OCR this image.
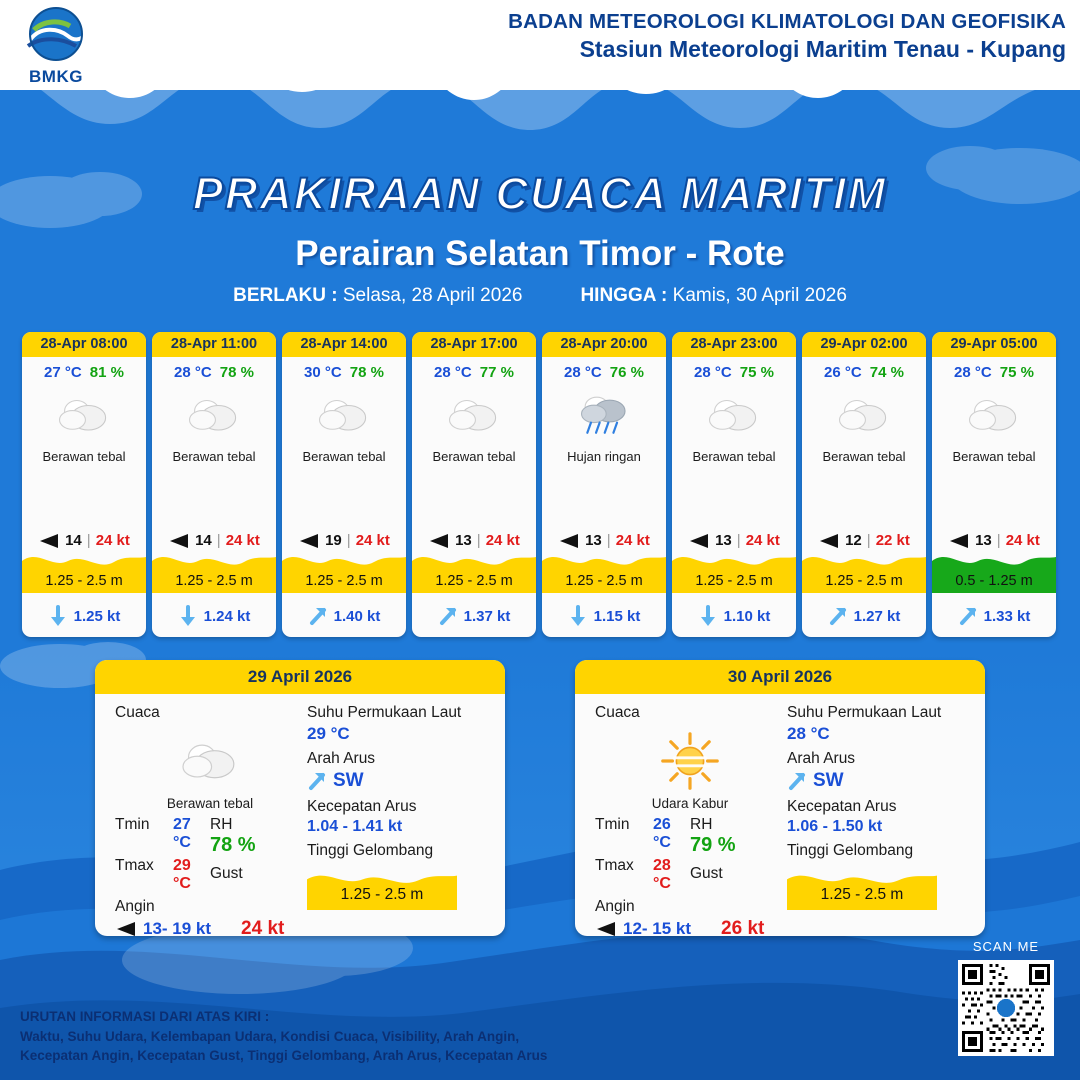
BMKG
BADAN METEOROLOGI KLIMATOLOGI DAN GEOFISIKA
Stasiun Meteorologi Maritim Tenau - Kupang
PRAKIRAAN CUACA MARITIM
Perairan Selatan Timor - Rote
BERLAKU : Selasa, 28 April 2026	HINGGA : Kamis, 30 April 2026
28-Apr 08:00
27 °C 81 %
Berawan tebal
14 | 24 kt
1.25 - 2.5 m
1.25 kt
28-Apr 11:00
28 °C 78 %
Berawan tebal
14 | 24 kt
1.25 - 2.5 m
1.24 kt
28-Apr 14:00
30 °C 78 %
Berawan tebal
19 | 24 kt
1.25 - 2.5 m
1.40 kt
28-Apr 17:00
28 °C 77 %
Berawan tebal
13 | 24 kt
1.25 - 2.5 m
1.37 kt
28-Apr 20:00
28 °C 76 %
Hujan ringan
13 | 24 kt
1.25 - 2.5 m
1.15 kt
28-Apr 23:00
28 °C 75 %
Berawan tebal
13 | 24 kt
1.25 - 2.5 m
1.10 kt
29-Apr 02:00
26 °C 74 %
Berawan tebal
12 | 22 kt
1.25 - 2.5 m
1.27 kt
29-Apr 05:00
28 °C 75 %
Berawan tebal
13 | 24 kt
0.5 - 1.25 m
1.33 kt
29 April 2026
Cuaca
Berawan tebal
Tmin	27 °C
Tmax	29 °C
Angin
RH
78 %
Gust
13- 19 kt 24 kt
Suhu Permukaan Laut
29 °C
Arah Arus
SW
Kecepatan Arus
1.04 - 1.41 kt
Tinggi Gelombang
1.25 - 2.5 m
30 April 2026
Cuaca
Udara Kabur
Tmin	26 °C
Tmax	28 °C
Angin
RH
79 %
Gust
12- 15 kt 26 kt
Suhu Permukaan Laut
28 °C
Arah Arus
SW
Kecepatan Arus
1.06 - 1.50 kt
Tinggi Gelombang
1.25 - 2.5 m
URUTAN INFORMASI DARI ATAS KIRI :
Waktu, Suhu Udara, Kelembapan Udara, Kondisi Cuaca, Visibility, Arah Angin,
Kecepatan Angin, Kecepatan Gust, Tinggi Gelombang, Arah Arus, Kecepatan Arus
SCAN ME
